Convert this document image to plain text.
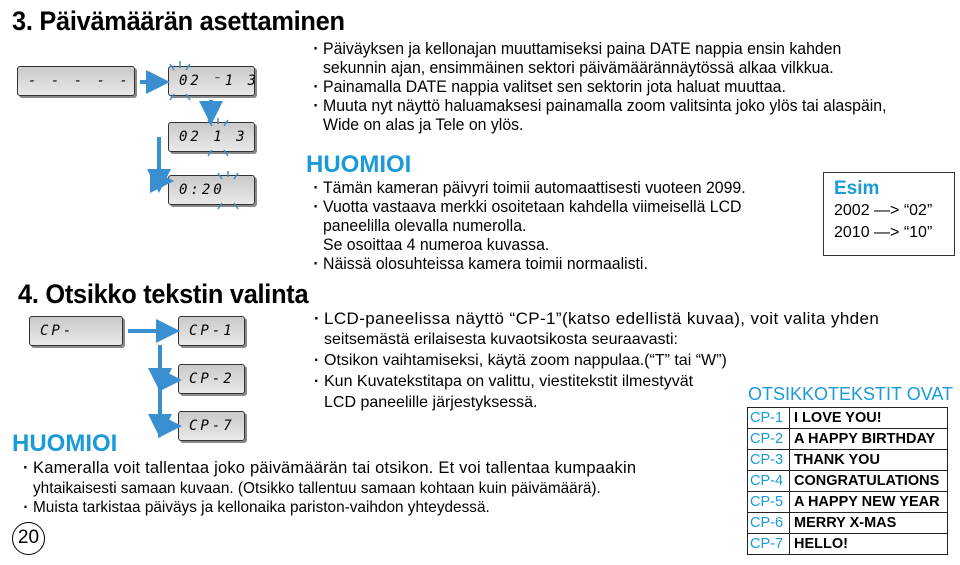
3. Päivämäärän asettaminen
- - - - - -	02 ⁻1 3
02 1 3
0:20
· Päiväyksen ja kellonajan muuttamiseksi paina DATE nappia ensin kahden
sekunnin ajan, ensimmäinen sektori päivämäärännäytössä alkaa vilkkua.
· Painamalla DATE nappia valitset sen sektorin jota haluat muuttaa.
· Muuta nyt näyttö haluamaksesi painamalla zoom valitsinta joko ylös tai alaspäin,
Wide on alas ja Tele on ylös.
HUOMIOI
· Tämän kameran päivyri toimii automaattisesti vuoteen 2099.
· Vuotta vastaava merkki osoitetaan kahdella viimeisellä LCD
paneelilla olevalla numerolla.
Se osoittaa 4 numeroa kuvassa.
· Näissä olosuhteissa kamera toimii normaalisti.
Esim
2002 —> “02”
2010 —> “10”
4. Otsikko tekstin valinta
CP-	CP-1
CP-2
CP-7
· LCD-paneelissa näyttö “CP-1”(katso edellistä kuvaa), voit valita yhden
seitsemästä erilaisesta kuvaotsikosta seuraavasti:
· Otsikon vaihtamiseksi, käytä zoom nappulaa.(“T” tai “W”)
· Kun Kuvatekstitapa on valittu, viestitekstit ilmestyvät
LCD paneelille järjestyksessä.	OTSIKKOTEKSTIT OVAT
CP-1	I LOVE YOU!
CP-2	A HAPPY BIRTHDAY
CP-3	THANK YOU
CP-4	CONGRATULATIONS
CP-5	A HAPPY NEW YEAR
CP-6	MERRY X-MAS
CP-7	HELLO!
HUOMIOI
· Kameralla voit tallentaa joko päivämäärän tai otsikon. Et voi tallentaa kumpaakin
yhtaikaisesti samaan kuvaan. (Otsikko tallentuu samaan kohtaan kuin päivämäärä).
· Muista tarkistaa päiväys ja kellonaika pariston-vaihdon yhteydessä.
20
